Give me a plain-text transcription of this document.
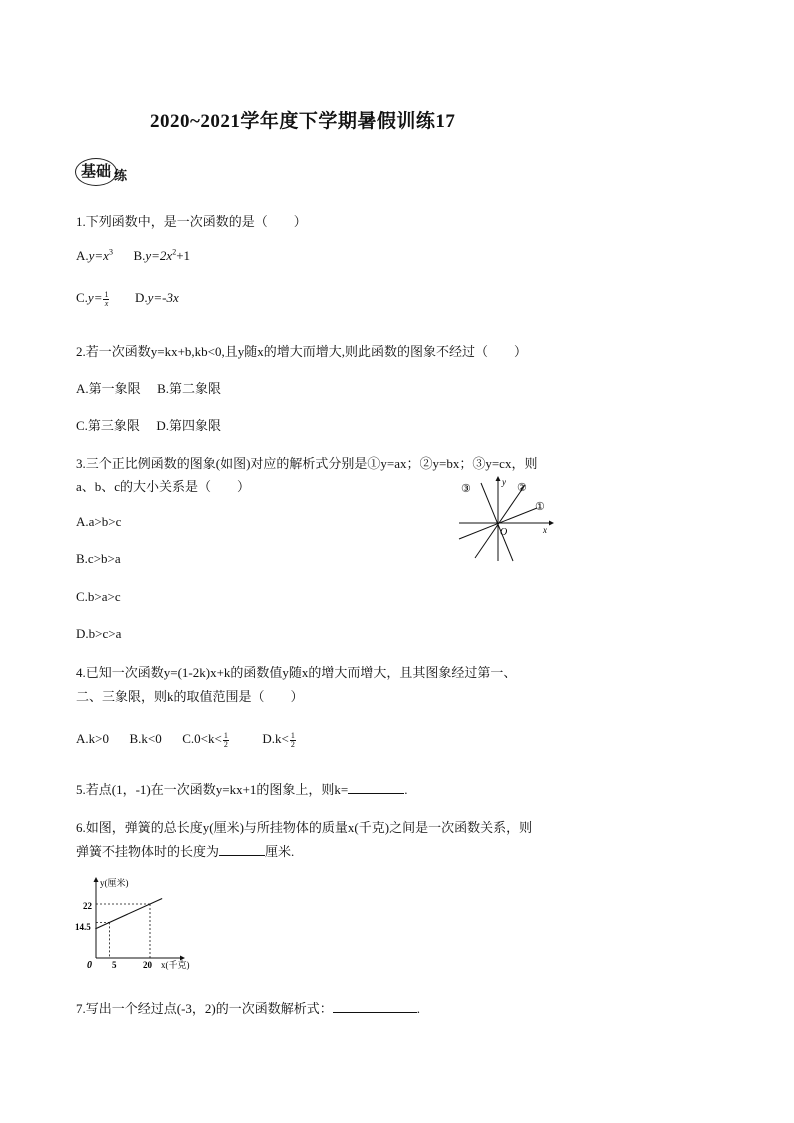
2020~2021学年度下学期暑假训练17
基础 练
1.下列函数中，是一次函数的是（　　）
$A.y=x^3$ $B.y=2x^2+1$
$C.y= \frac{1}{x} D.y=-3x$
2.若一次函数y=kx+b,kb<0,且y随x的增大而增大,则此函数的图象不经过（　　）
A.第一象限 B.第二象限
C.第三象限 D.第四象限
3.三个正比例函数的图象(如图)对应的解析式分别是①y=ax；②y=bx；③y=cx，则
a、b、c的大小关系是（　　）
A.a>b>c
B.c>b>a
C.b>a>c
D.b>c>a
①
②
③
y
x
O
4.已知一次函数y=(1-2k)x+k的函数值y随x的增大而增大，且其图象经过第一、
二、三象限，则k的取值范围是（　　）
A.k>0 B.k<0 $C.0<k< \frac{1}{2}$	$D.k< \frac{1}{2}$
5.若点(1，-1)在一次函数y=kx+1的图象上，则k=	.
6.如图，弹簧的总长度y(厘米)与所挂物体的质量x(千克)之间是一次函数关系，则
弹簧不挂物体时的长度为	厘米.
y(厘米)
x(千克)
0
22
14.5
5	20
7.写出一个经过点(-3，2)的一次函数解析式：	.
